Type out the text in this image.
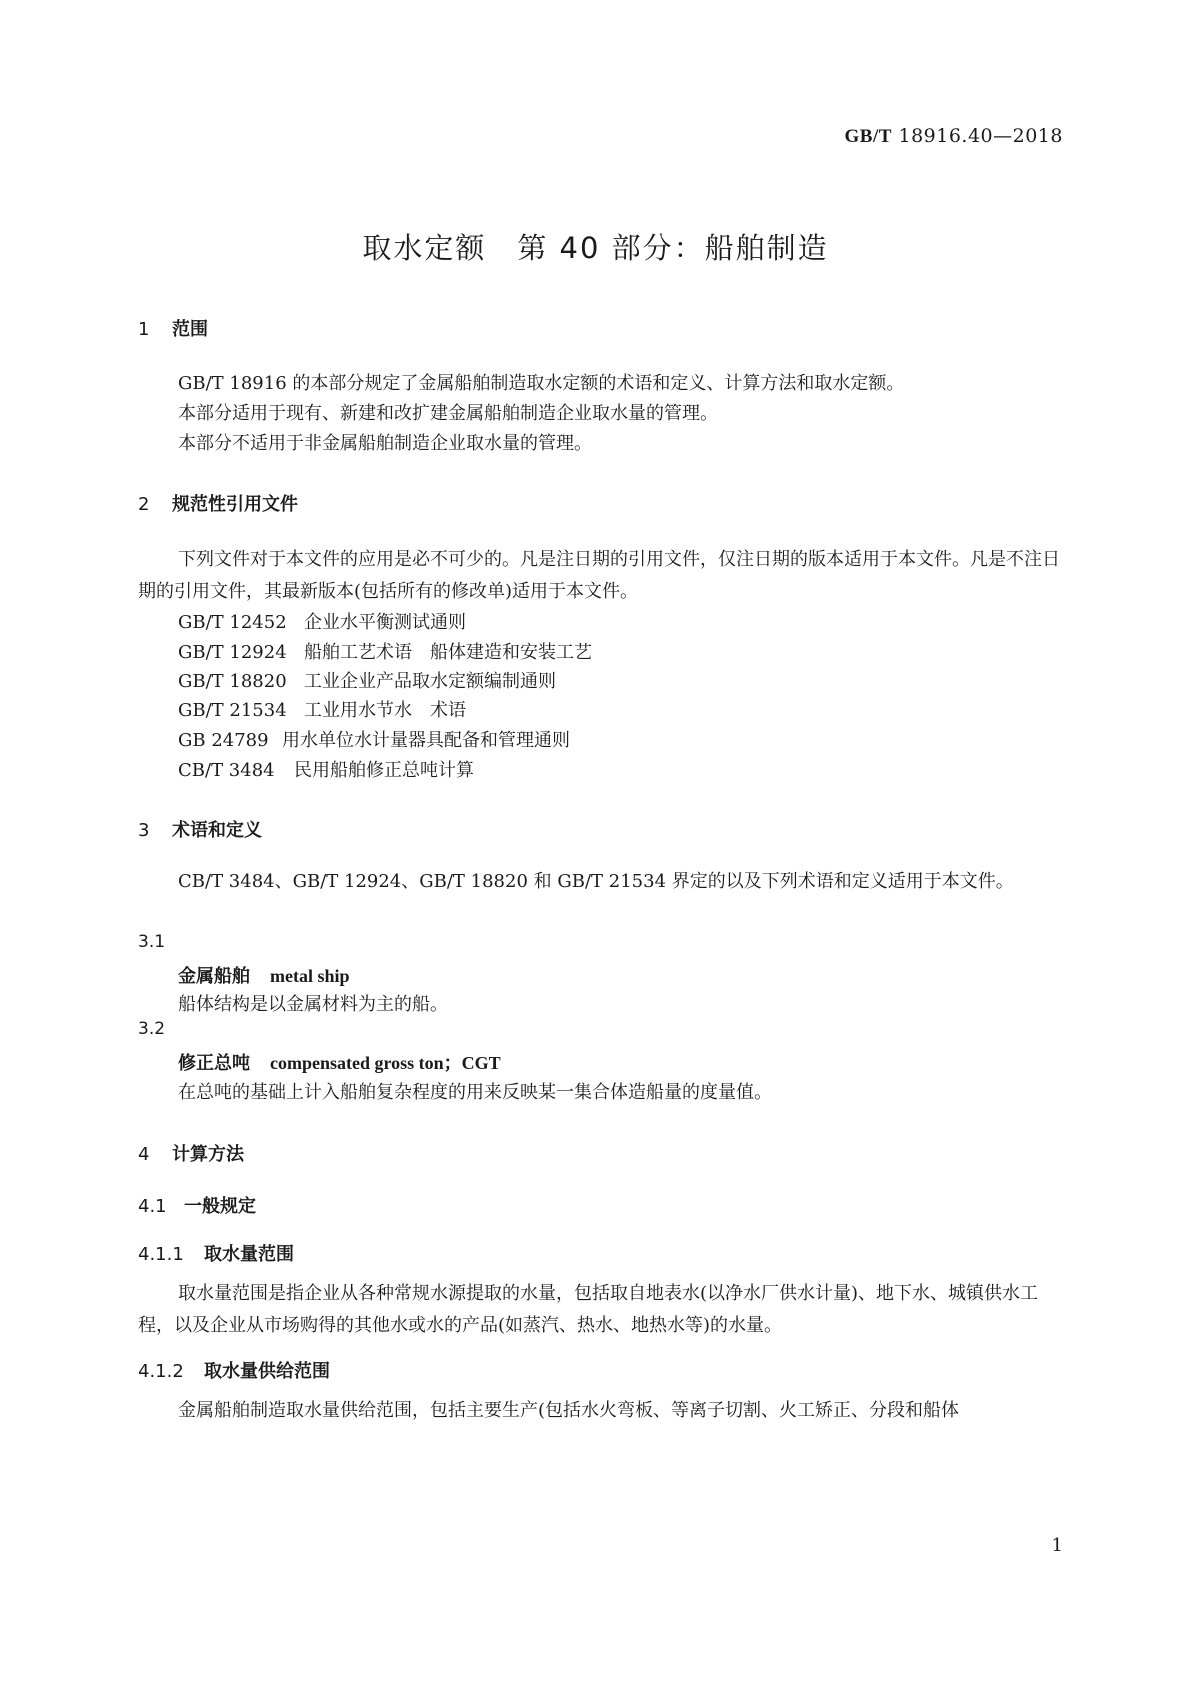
GB/T 18916.40—2018
取水定额　第 40 部分：船舶制造
1 范围

GB/T 18916 的本部分规定了金属船舶制造取水定额的术语和定义、计算方法和取水定额。

本部分适用于现有、新建和改扩建金属船舶制造企业取水量的管理。

本部分不适用于非金属船舶制造企业取水量的管理。

2 规范性引用文件

下列文件对于本文件的应用是必不可少的。凡是注日期的引用文件，仅注日期的版本适用于本文件。凡是不注日期的引用文件，其最新版本(包括所有的修改单)适用于本文件。

GB/T 12452 企业水平衡测试通则
GB/T 12924 船舶工艺术语　船体建造和安装工艺
GB/T 18820 工业企业产品取水定额编制通则
GB/T 21534 工业用水节水　术语
GB 24789 用水单位水计量器具配备和管理通则
CB/T 3484 民用船舶修正总吨计算
3 术语和定义

CB/T 3484、GB/T 12924、GB/T 18820 和 GB/T 21534 界定的以及下列术语和定义适用于本文件。

3.1
金属船舶 metal ship
船体结构是以金属材料为主的船。
3.2
修正总吨 compensated gross ton；CGT
在总吨的基础上计入船舶复杂程度的用来反映某一集合体造船量的度量值。
4 计算方法
4.1 一般规定
4.1.1 取水量范围

取水量范围是指企业从各种常规水源提取的水量，包括取自地表水(以净水厂供水计量)、地下水、城镇供水工程，以及企业从市场购得的其他水或水的产品(如蒸汽、热水、地热水等)的水量。

4.1.2 取水量供给范围

金属船舶制造取水量供给范围，包括主要生产(包括水火弯板、等离子切割、火工矫正、分段和船体

1
